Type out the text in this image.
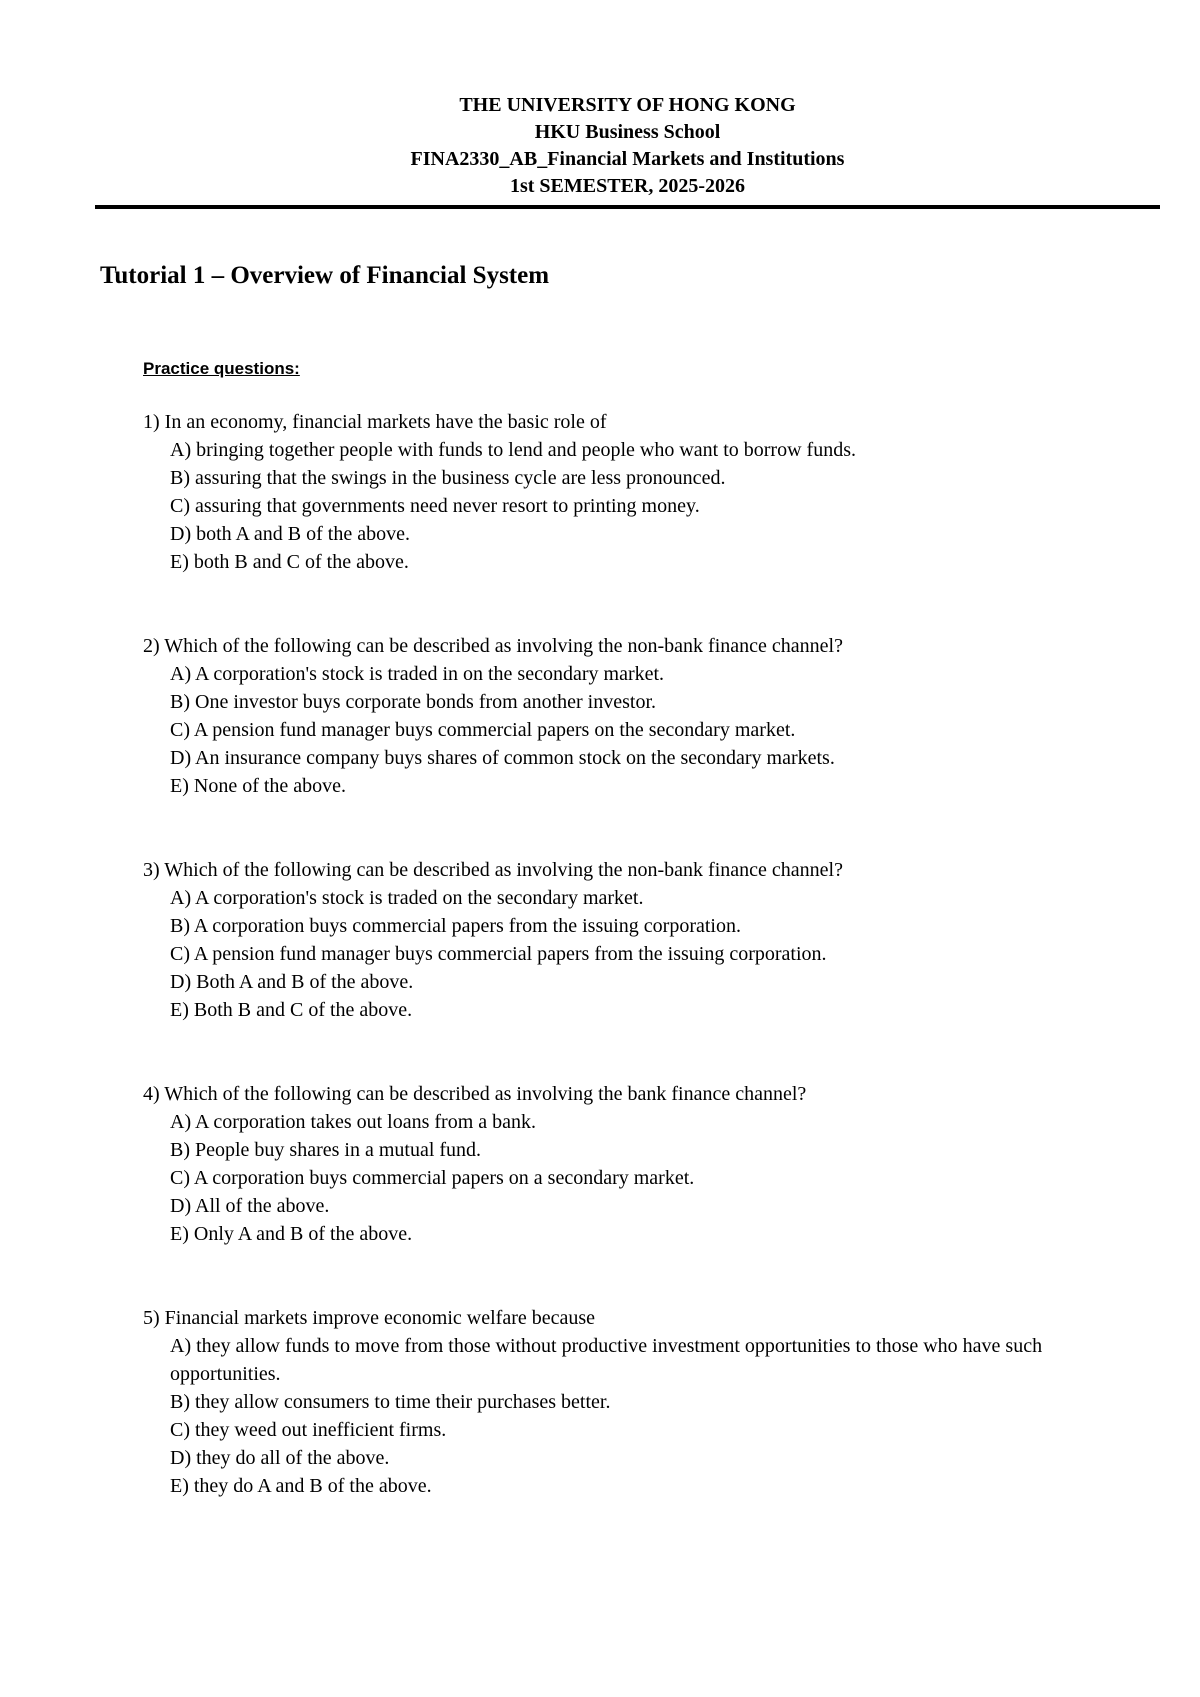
THE UNIVERSITY OF HONG KONG
HKU Business School
FINA2330_AB_Financial Markets and Institutions
1st SEMESTER, 2025-2026
Tutorial 1 – Overview of Financial System
Practice questions:
1) In an economy, financial markets have the basic role of
A) bringing together people with funds to lend and people who want to borrow funds.
B) assuring that the swings in the business cycle are less pronounced.
C) assuring that governments need never resort to printing money.
D) both A and B of the above.
E) both B and C of the above.
2) Which of the following can be described as involving the non-bank finance channel?
A) A corporation's stock is traded in on the secondary market.
B) One investor buys corporate bonds from another investor.
C) A pension fund manager buys commercial papers on the secondary market.
D) An insurance company buys shares of common stock on the secondary markets.
E) None of the above.
3) Which of the following can be described as involving the non-bank finance channel?
A) A corporation's stock is traded on the secondary market.
B) A corporation buys commercial papers from the issuing corporation.
C) A pension fund manager buys commercial papers from the issuing corporation.
D) Both A and B of the above.
E) Both B and C of the above.
4) Which of the following can be described as involving the bank finance channel?
A) A corporation takes out loans from a bank.
B) People buy shares in a mutual fund.
C) A corporation buys commercial papers on a secondary market.
D) All of the above.
E) Only A and B of the above.
5) Financial markets improve economic welfare because
A) they allow funds to move from those without productive investment opportunities to those who have such opportunities.
B) they allow consumers to time their purchases better.
C) they weed out inefficient firms.
D) they do all of the above.
E) they do A and B of the above.
